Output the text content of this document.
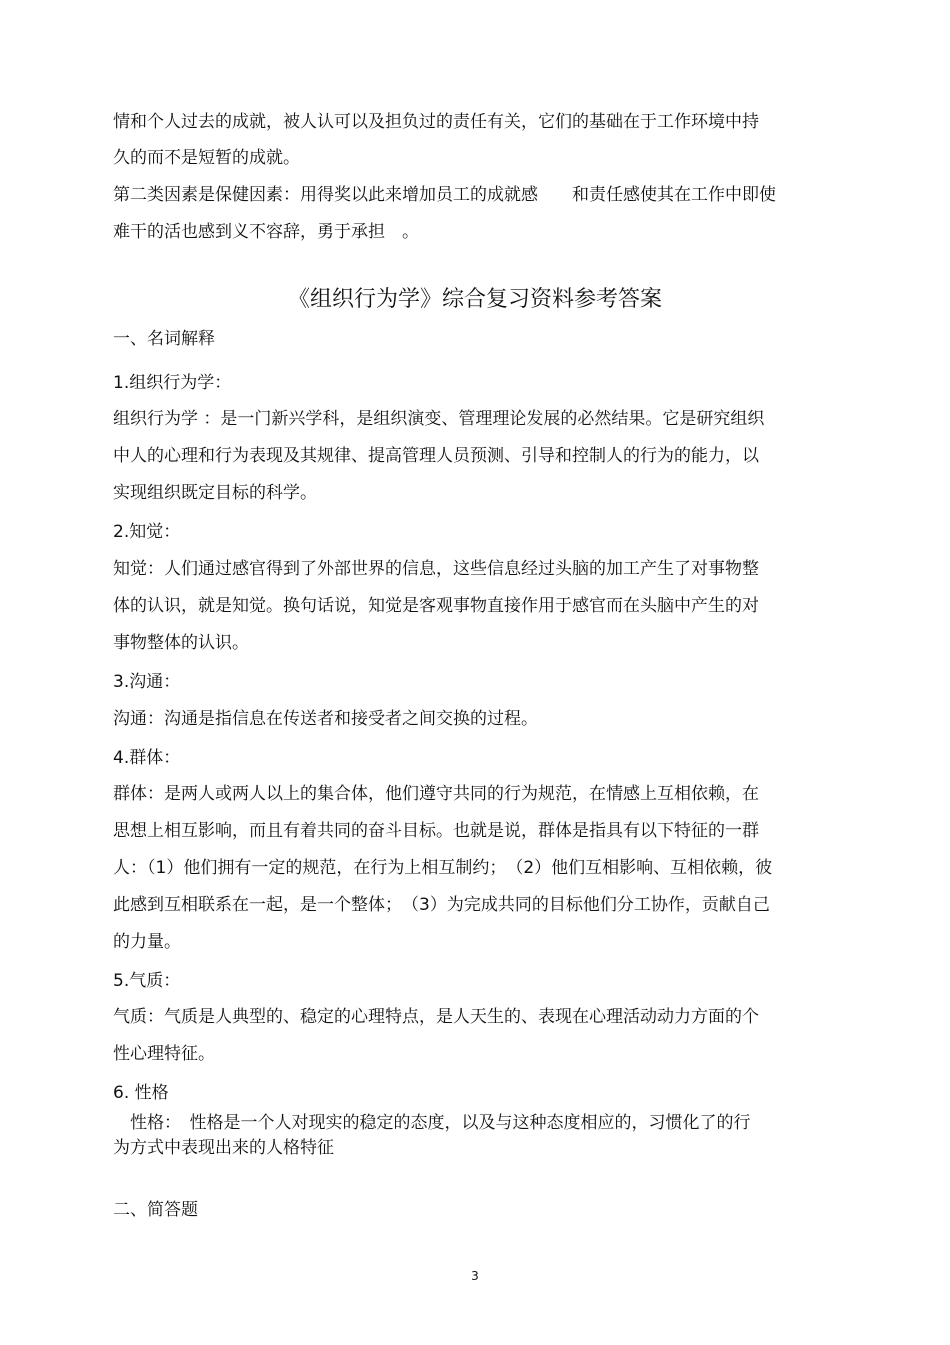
情和个人过去的成就，被人认可以及担负过的责任有关，它们的基础在于工作环境中持
久的而不是短暂的成就。
第二类因素是保健因素：用得奖以此来增加员工的成就感　　和责任感使其在工作中即使
难干的活也感到义不容辞，勇于承担　。
《组织行为学》综合复习资料参考答案
一、名词解释
1.组织行为学：
组织行为学 ：是一门新兴学科，是组织演变、管理理论发展的必然结果。它是研究组织
中人的心理和行为表现及其规律、提高管理人员预测、引导和控制人的行为的能力，以
实现组织既定目标的科学。
2.知觉：
知觉：人们通过感官得到了外部世界的信息，这些信息经过头脑的加工产生了对事物整
体的认识，就是知觉。换句话说，知觉是客观事物直接作用于感官而在头脑中产生的对
事物整体的认识。
3.沟通：
沟通：沟通是指信息在传送者和接受者之间交换的过程。
4.群体：
群体：是两人或两人以上的集合体，他们遵守共同的行为规范，在情感上互相依赖，在
思想上相互影响，而且有着共同的奋斗目标。也就是说，群体是指具有以下特征的一群
人：（1）他们拥有一定的规范，在行为上相互制约；　（2）他们互相影响、互相依赖，彼
此感到互相联系在一起，是一个整体；　（3）为完成共同的目标他们分工协作，贡献自己
的力量。
5.气质：
气质：气质是人典型的、稳定的心理特点，是人天生的、表现在心理活动动力方面的个
性心理特征。
6. 性格
　性格：　性格是一个人对现实的稳定的态度，以及与这种态度相应的，习惯化了的行
为方式中表现出来的人格特征
二、简答题
3
